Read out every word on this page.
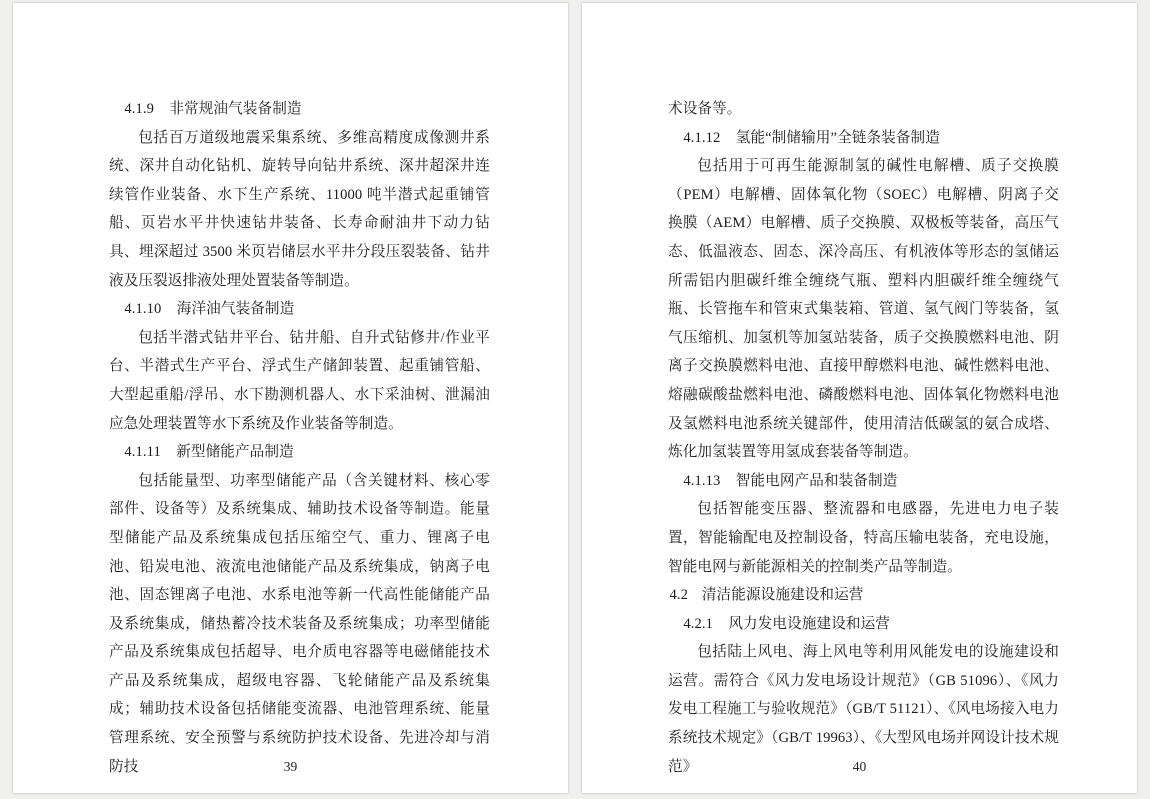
4.1.9 非常规油气装备制造

包括百万道级地震采集系统、多维高精度成像测井系统、深井自动化钻机、旋转导向钻井系统、深井超深井连续管作业装备、水下生产系统、11000 吨半潜式起重铺管船、页岩水平井快速钻井装备、长寿命耐油井下动力钻具、埋深超过 3500 米页岩储层水平井分段压裂装备、钻井液及压裂返排液处理处置装备等制造。

4.1.10 海洋油气装备制造

包括半潜式钻井平台、钻井船、自升式钻修井/作业平台、半潜式生产平台、浮式生产储卸装置、起重铺管船、大型起重船/浮吊、水下勘测机器人、水下采油树、泄漏油应急处理装置等水下系统及作业装备等制造。

4.1.11 新型储能产品制造

包括能量型、功率型储能产品（含关键材料、核心零部件、设备等）及系统集成、辅助技术设备等制造。能量型储能产品及系统集成包括压缩空气、重力、锂离子电池、铅炭电池、液流电池储能产品及系统集成，钠离子电池、固态锂离子电池、水系电池等新一代高性能储能产品及系统集成，储热蓄冷技术装备及系统集成；功率型储能产品及系统集成包括超导、电介质电容器等电磁储能技术产品及系统集成，超级电容器、飞轮储能产品及系统集成；辅助技术设备包括储能变流器、电池管理系统、能量管理系统、安全预警与系统防护技术设备、先进冷却与消防技	39

术设备等。

4.1.12 氢能“制储输用”全链条装备制造

包括用于可再生能源制氢的碱性电解槽、质子交换膜（PEM）电解槽、固体氧化物（SOEC）电解槽、阴离子交换膜（AEM）电解槽、质子交换膜、双极板等装备，高压气态、低温液态、固态、深冷高压、有机液体等形态的氢储运所需铝内胆碳纤维全缠绕气瓶、塑料内胆碳纤维全缠绕气瓶、长管拖车和管束式集装箱、管道、氢气阀门等装备，氢气压缩机、加氢机等加氢站装备，质子交换膜燃料电池、阴离子交换膜燃料电池、直接甲醇燃料电池、碱性燃料电池、熔融碳酸盐燃料电池、磷酸燃料电池、固体氧化物燃料电池及氢燃料电池系统关键部件，使用清洁低碳氢的氨合成塔、炼化加氢装置等用氢成套装备等制造。

4.1.13 智能电网产品和装备制造

包括智能变压器、整流器和电感器，先进电力电子装置，智能输配电及控制设备，特高压输电装备，充电设施，智能电网与新能源相关的控制类产品等制造。

4.2 清洁能源设施建设和运营

4.2.1 风力发电设施建设和运营

包括陆上风电、海上风电等利用风能发电的设施建设和运营。需符合《风力发电场设计规范》（GB 51096）、《风力发电工程施工与验收规范》（GB/T 51121）、《风电场接入电力系统技术规定》（GB/T 19963）、《大型风电场并网设计技术规范》	40
